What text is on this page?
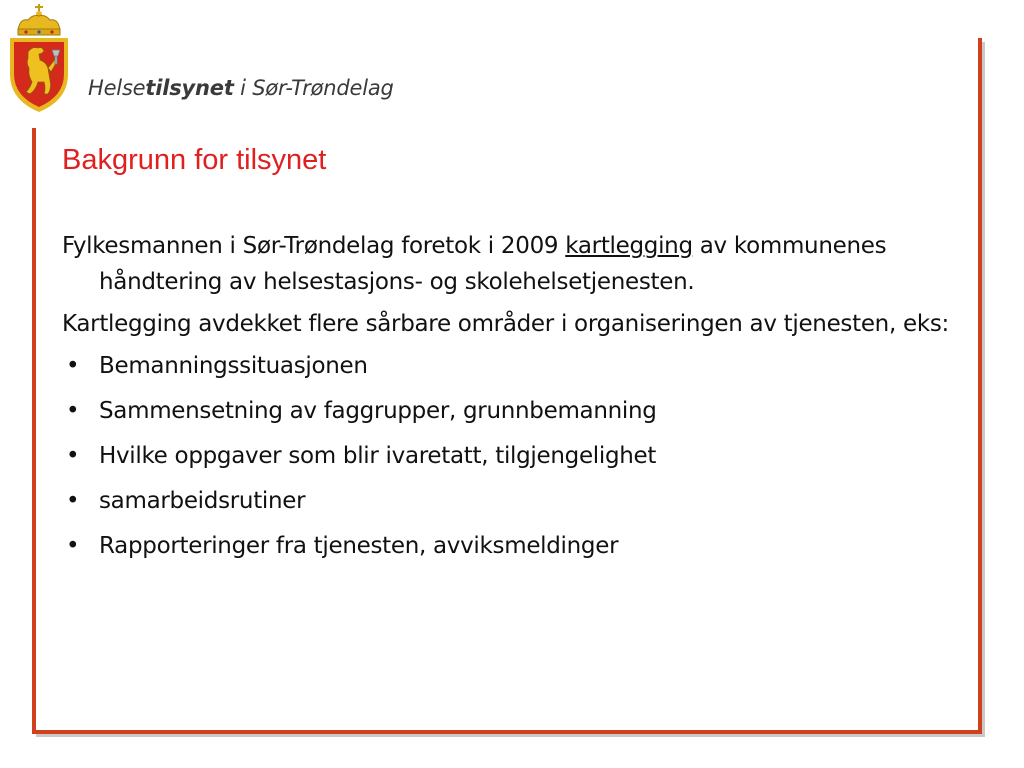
Helsetilsynet i Sør-Trøndelag
Bakgrunn for tilsynet

Fylkesmannen i Sør-Trøndelag foretok i 2009 kartlegging av kommunenes håndtering av helsestasjons- og skolehelsetjenesten.

Kartlegging avdekket flere sårbare områder i organiseringen av tjenesten, eks:

• Bemanningssituasjonen
• Sammensetning av faggrupper, grunnbemanning
• Hvilke oppgaver som blir ivaretatt, tilgjengelighet
• samarbeidsrutiner
• Rapporteringer fra tjenesten, avviksmeldinger
